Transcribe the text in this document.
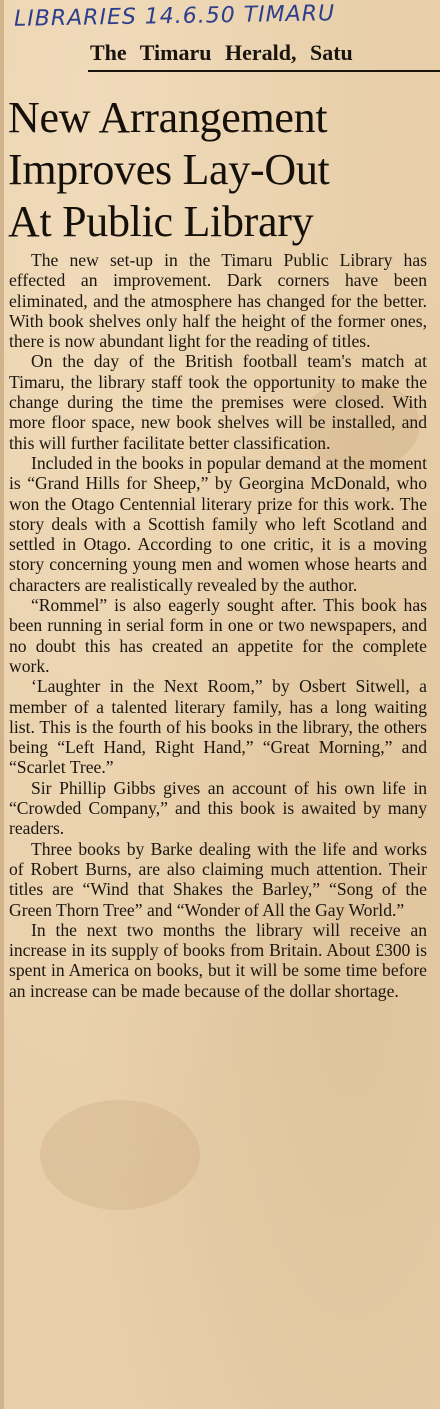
LIBRARIES 14.6.50 TIMARU
The Timaru Herald, Satu
New Arrangement
Improves Lay-Out
At Public Library

The new set-up in the Timaru Public Library has effected an improvement. Dark corners have been eliminated, and the atmosphere has changed for the better. With book shelves only half the height of the former ones, there is now abundant light for the reading of titles.

On the day of the British football team's match at Timaru, the library staff took the opportunity to make the change during the time the premises were closed. With more floor space, new book shelves will be installed, and this will further facilitate better classification.

Included in the books in popular demand at the moment is “Grand Hills for Sheep,” by Georgina McDonald, who won the Otago Centennial literary prize for this work. The story deals with a Scottish family who left Scotland and settled in Otago. According to one critic, it is a moving story concerning young men and women whose hearts and characters are realistically revealed by the author.

“Rommel” is also eagerly sought after. This book has been running in serial form in one or two newspapers, and no doubt this has created an appetite for the complete work.

‘Laughter in the Next Room,” by Osbert Sitwell, a member of a talented literary family, has a long waiting list. This is the fourth of his books in the library, the others being “Left Hand, Right Hand,” “Great Morning,” and “Scarlet Tree.”

Sir Phillip Gibbs gives an account of his own life in “Crowded Company,” and this book is awaited by many readers.

Three books by Barke dealing with the life and works of Robert Burns, are also claiming much attention. Their titles are “Wind that Shakes the Barley,” “Song of the Green Thorn Tree” and “Wonder of All the Gay World.”

In the next two months the library will receive an increase in its supply of books from Britain. About £300 is spent in America on books, but it will be some time before an increase can be made because of the dollar shortage.
